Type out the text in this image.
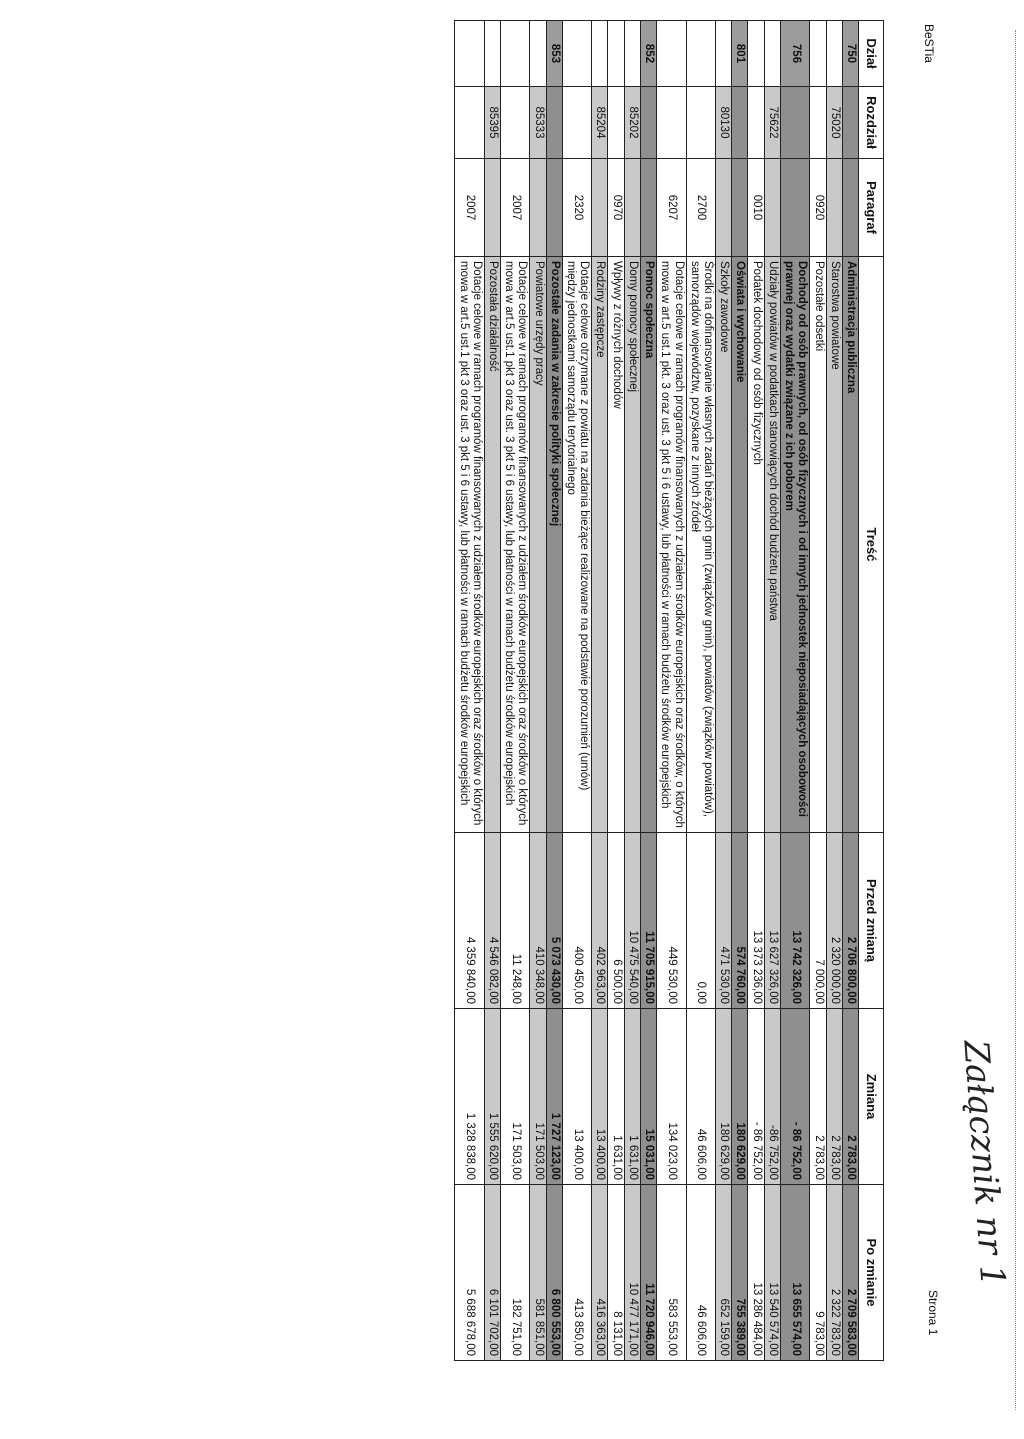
Załącznik nr 1
BeSTia
Strona 1
Dział	Rozdział	Paragraf	Treść	Przed zmianą	Zmiana	Po zmianie
750			Administracja publiczna	2 706 800,00	2 783,00	2 709 583,00
	75020		Starostwa powiatowe	2 320 000,00	2 783,00	2 322 783,00
		0920	Pozostałe odsetki	7 000,00	2 783,00	9 783,00
756			Dochody od osób prawnych, od osób fizycznych i od innych jednostek nieposiadających osobowości prawnej oraz wydatki związane z ich poborem	13 742 326,00	- 86 752,00	13 655 574,00
	75622		Udziały powiatów w podatkach stanowiących dochód budżetu państwa	13 627 326,00	-86 752,00	13 540 574,00
		0010	Podatek dochodowy od osób fizycznych	13 373 236,00	- 86 752,00	13 286 484,00
801			Oświata i wychowanie	574 760,00	180 629,00	755 389,00
	80130		Szkoły zawodowe	471 530,00	180 629,00	652 159,00
		2700	Środki na dofinansowanie własnych zadań bieżących gmin (związków gmin), powiatów (związków powiatów), samorządów województw, pozyskane z innych źródeł	0,00	46 606,00	46 606,00
		6207	Dotacje celowe w ramach programów finansowanych z udziałem środków europejskich oraz środków, o których mowa w art.5 ust.1 pkt. 3 oraz ust. 3 pkt 5 i 6 ustawy, lub płatności w ramach budżetu środków europejskich	449 530,00	134 023,00	583 553,00
852			Pomoc społeczna	11 705 915,00	15 031,00	11 720 946,00
	85202		Domy pomocy społecznej	10 475 540,00	1 631,00	10 477 171,00
		0970	Wpływy z różnych dochodów	6 500,00	1 631,00	8 131,00
	85204		Rodziny zastępcze	402 963,00	13 400,00	416 363,00
		2320	Dotacje celowe otrzymane z powiatu na zadania bieżące realizowane na podstawie porozumień (umów) między jednostkami samorządu terytorialnego	400 450,00	13 400,00	413 850,00
853			Pozostałe zadania w zakresie polityki społecznej	5 073 430,00	1 727 123,00	6 800 553,00
	85333		Powiatowe urzędy pracy	410 348,00	171 503,00	581 851,00
		2007	Dotacje celowe w ramach programów finansowanych z udziałem środków europejskich oraz środków o których mowa w art.5 ust.1 pkt 3 oraz ust. 3 pkt 5 i 6 ustawy, lub płatności w ramach budżetu środków europejskich	11 248,00	171 503,00	182 751,00
	85395		Pozostała działalność	4 546 082,00	1 555 620,00	6 101 702,00
		2007	Dotacje celowe w ramach programów finansowanych z udziałem środków europejskich oraz środków o których mowa w art.5 ust.1 pkt 3 oraz ust. 3 pkt 5 i 6 ustawy, lub płatności w ramach budżetu środków europejskich	4 359 840,00	1 328 838,00	5 688 678,00
